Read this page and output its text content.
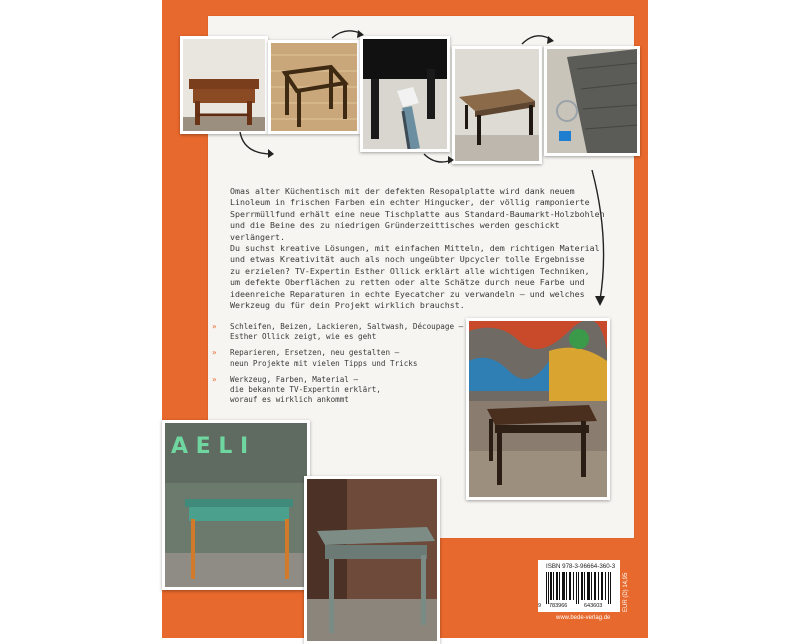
Omas alter Küchentisch mit der defekten Resopalplatte wird dank neuem

Linoleum in frischen Farben ein echter Hingucker, der völlig ramponierte

Sperrmüllfund erhält eine neue Tischplatte aus Standard-Baumarkt-Holzbohlen

und die Beine des zu niedrigen Gründerzeittisches werden geschickt verlängert.

Du suchst kreative Lösungen, mit einfachen Mitteln, dem richtigen Material

und etwas Kreativität auch als noch ungeübter Upcycler tolle Ergebnisse

zu erzielen? TV-Expertin Esther Ollick erklärt alle wichtigen Techniken,

um defekte Oberflächen zu retten oder alte Schätze durch neue Farbe und

ideenreiche Reparaturen in echte Eyecatcher zu verwandeln – und welches

Werkzeug du für dein Projekt wirklich brauchst.

» Schleifen, Beizen, Lackieren, Saltwash, Découpage –
Esther Ollick zeigt, wie es geht
» Reparieren, Ersetzen, neu gestalten –
neun Projekte mit vielen Tipps und Tricks
» Werkzeug, Farben, Material –
die bekannte TV-Expertin erklärt,
worauf es wirklich ankommt
A E L I
ISBN 978-3-96664-360-3
9 783966	643603	EUR (D) 14,95
www.bede-verlag.de
